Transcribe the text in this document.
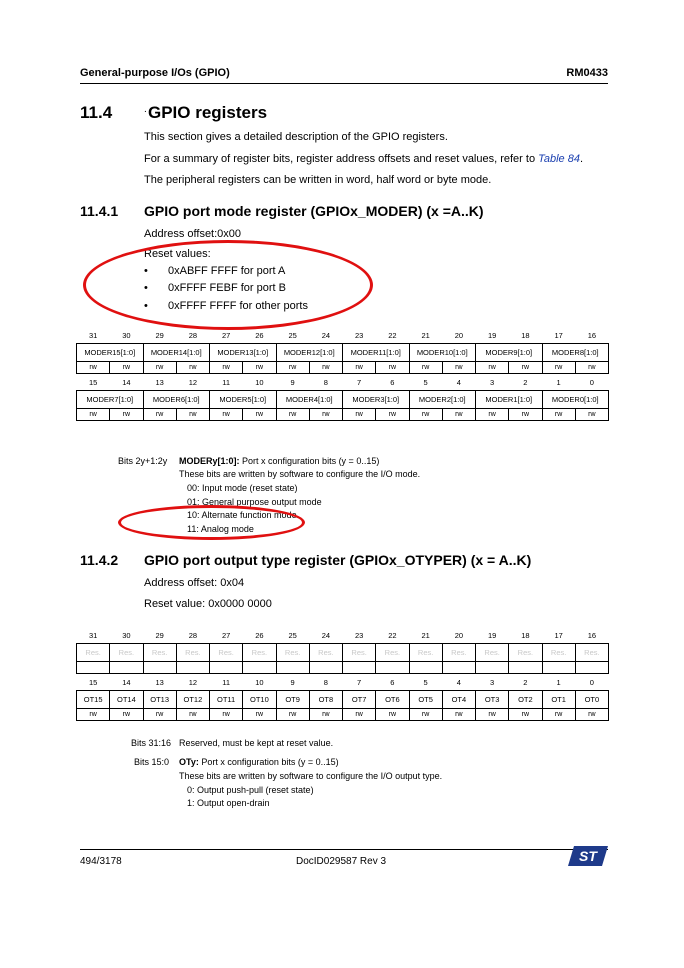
General-purpose I/Os (GPIO)	RM0433
11.4	. GPIO registers
This section gives a detailed description of the GPIO registers.
For a summary of register bits, register address offsets and reset values, refer to Table 84.
The peripheral registers can be written in word, half word or byte mode.
11.4.1 GPIO port mode register (GPIOx_MODER) (x =A..K)
Address offset:0x00
Reset values:
• 0xABFF FFFF for port A
• 0xFFFF FEBF for port B
• 0xFFFF FFFF for other ports
31	30	29	28	27	26	25	24	23	22	21	20	19	18	17	16
MODER15[1:0]		MODER14[1:0]		MODER13[1:0]		MODER12[1:0]		MODER11[1:0]		MODER10[1:0]		MODER9[1:0]		MODER8[1:0]	
rw	rw	rw	rw	rw	rw	rw	rw	rw	rw	rw	rw	rw	rw	rw	rw
15	14	13	12	11	10	9	8	7	6	5	4	3	2	1	0
MODER7[1:0]		MODER6[1:0]		MODER5[1:0]		MODER4[1:0]		MODER3[1:0]		MODER2[1:0]		MODER1[1:0]		MODER0[1:0]	
rw	rw	rw	rw	rw	rw	rw	rw	rw	rw	rw	rw	rw	rw	rw	rw
Bits 2y+1:2y MODERy[1:0]: Port x configuration bits (y = 0..15)
These bits are written by software to configure the I/O mode.
00: Input mode (reset state)
01: General purpose output mode
10: Alternate function mode
11: Analog mode
11.4.2 GPIO port output type register (GPIOx_OTYPER) (x = A..K)
Address offset: 0x04
Reset value: 0x0000 0000
31	30	29	28	27	26	25	24	23	22	21	20	19	18	17	16
Res.	Res.	Res.	Res.	Res.	Res.	Res.	Res.	Res.	Res.	Res.	Res.	Res.	Res.	Res.	Res.

15	14	13	12	11	10	9	8	7	6	5	4	3	2	1	0
OT15	OT14	OT13	OT12	OT11	OT10	OT9	OT8	OT7	OT6	OT5	OT4	OT3	OT2	OT1	OT0
rw	rw	rw	rw	rw	rw	rw	rw	rw	rw	rw	rw	rw	rw	rw	rw
Bits 31:16 Reserved, must be kept at reset value.
Bits 15:0 OTy: Port x configuration bits (y = 0..15)
These bits are written by software to configure the I/O output type.
0: Output push-pull (reset state)
1: Output open-drain
494/3178	DocID029587 Rev 3	ST
